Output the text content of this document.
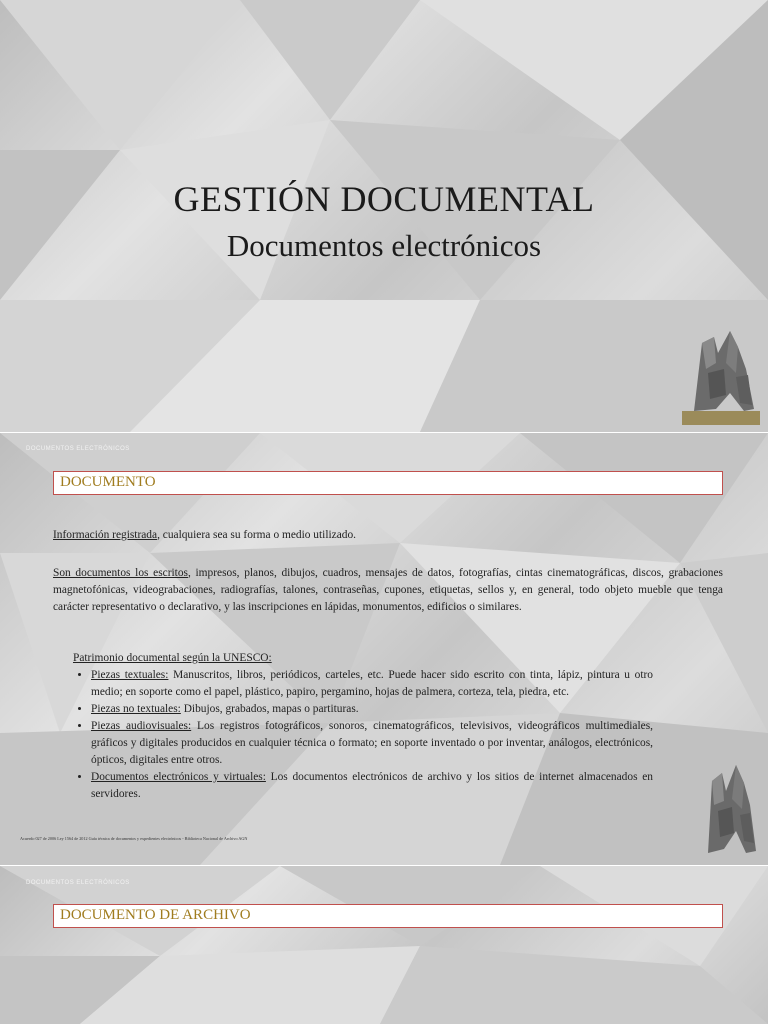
GESTIÓN DOCUMENTAL
Documentos electrónicos
DOCUMENTOS ELECTRÓNICOS
DOCUMENTO
Información registrada, cualquiera sea su forma o medio utilizado.
Son documentos los escritos, impresos, planos, dibujos, cuadros, mensajes de datos, fotografías, cintas cinematográficas, discos, grabaciones magnetofónicas, videograbaciones, radiografías, talones, contraseñas, cupones, etiquetas, sellos y, en general, todo objeto mueble que tenga carácter representativo o declarativo, y las inscripciones en lápidas, monumentos, edificios o similares.
Patrimonio documental según la UNESCO:
• Piezas textuales: Manuscritos, libros, periódicos, carteles, etc. Puede hacer sido escrito con tinta, lápiz, pintura u otro medio; en soporte como el papel, plástico, papiro, pergamino, hojas de palmera, corteza, tela, piedra, etc.
• Piezas no textuales: Dibujos, grabados, mapas o partituras.
• Piezas audiovisuales: Los registros fotográficos, sonoros, cinematográficos, televisivos, videográficos multimediales, gráficos y digitales producidos en cualquier técnica o formato; en soporte inventado o por inventar, análogos, electrónicos, ópticos, digitales entre otros.
• Documentos electrónicos y virtuales: Los documentos electrónicos de archivo y los sitios de internet almacenados en servidores.
Acuerdo 027 de 2006 Ley 1564 de 2012 Guía técnica de documentos y expedientes electrónicos - Biblioteca Nacional de Archivo AGN
DOCUMENTOS ELECTRÓNICOS
DOCUMENTO DE ARCHIVO
